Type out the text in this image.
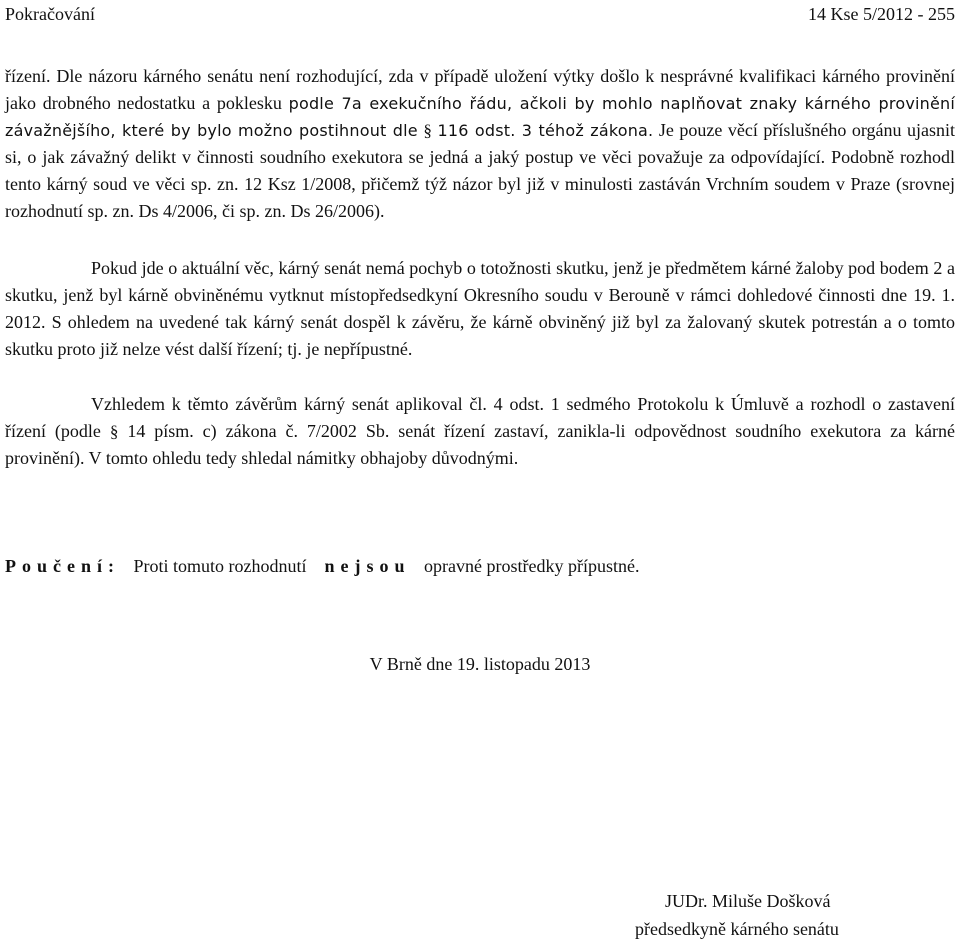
Pokračování	14 Kse 5/2012 - 255

řízení. Dle názoru kárného senátu není rozhodující, zda v případě uložení výtky došlo k nesprávné kvalifikaci kárného provinění jako drobného nedostatku a poklesku podle 7a exekučního řádu, ačkoli by mohlo naplňovat znaky kárného provinění závažnějšího, které by bylo možno postihnout dle § 116 odst. 3 téhož zákona. Je pouze věcí příslušného orgánu ujasnit si, o jak závažný delikt v činnosti soudního exekutora se jedná a jaký postup ve věci považuje za odpovídající. Podobně rozhodl tento kárný soud ve věci sp. zn. 12 Ksz 1/2008, přičemž týž názor byl již v minulosti zastáván Vrchním soudem v Praze (srovnej rozhodnutí sp. zn. Ds 4/2006, či sp. zn. Ds 26/2006).

Pokud jde o aktuální věc, kárný senát nemá pochyb o totožnosti skutku, jenž je předmětem kárné žaloby pod bodem 2 a skutku, jenž byl kárně obviněnému vytknut místopředsedkyní Okresního soudu v Berouně v rámci dohledové činnosti dne 19. 1. 2012. S ohledem na uvedené tak kárný senát dospěl k závěru, že kárně obviněný již byl za žalovaný skutek potrestán a o tomto skutku proto již nelze vést další řízení; tj. je nepřípustné.

Vzhledem k těmto závěrům kárný senát aplikoval čl. 4 odst. 1 sedmého Protokolu k Úmluvě a rozhodl o zastavení řízení (podle § 14 písm. c) zákona č. 7/2002 Sb. senát řízení zastaví, zanikla-li odpovědnost soudního exekutora za kárné provinění). V tomto ohledu tedy shledal námitky obhajoby důvodnými.

Poučení: Proti tomuto rozhodnutí nejsou opravné prostředky přípustné.

V Brně dne 19. listopadu 2013
JUDr. Miluše Došková
předsedkyně kárného senátu
